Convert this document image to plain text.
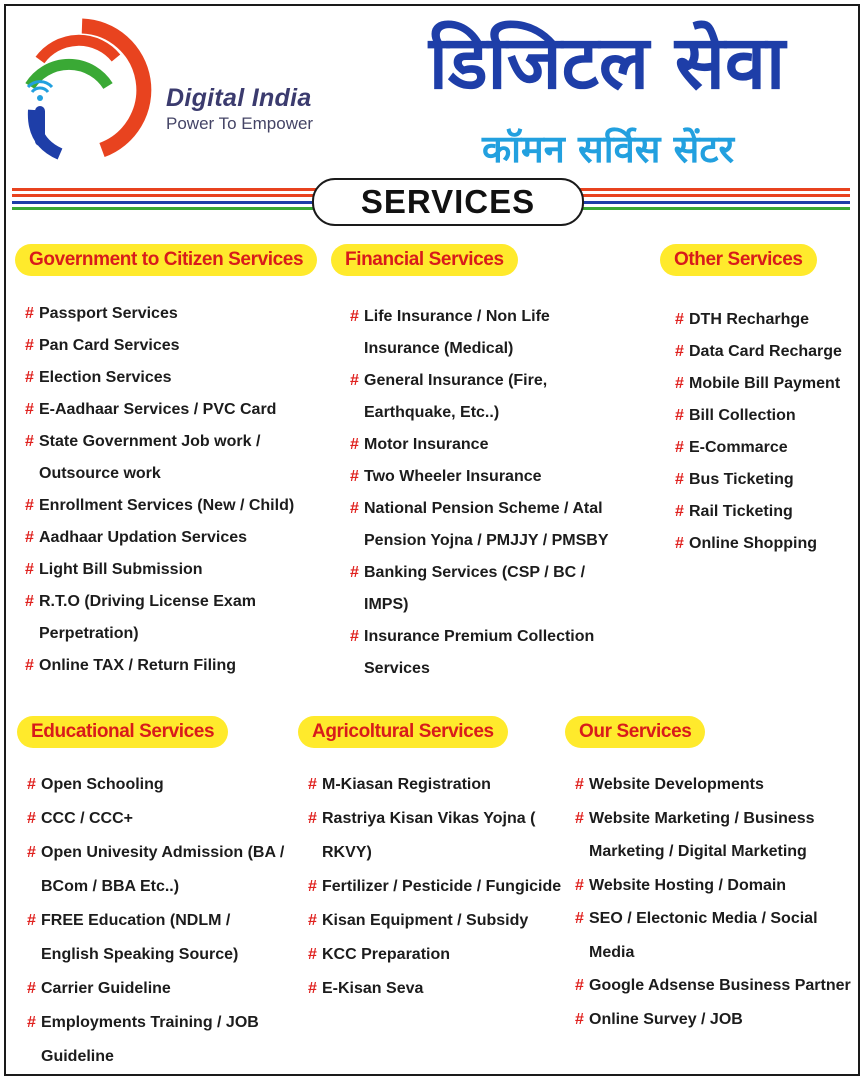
Digital India
Power To Empower
डिजिटल सेवा
कॉमन सर्विस सेंटर
SERVICES
Government to Citizen Services
# Passport Services
# Pan Card Services
# Election Services
# E-Aadhaar Services / PVC Card
# State Government Job work / Outsource work
# Enrollment Services (New / Child)
# Aadhaar Updation Services
# Light Bill Submission
# R.T.O (Driving License Exam Perpetration)
# Online TAX / Return Filing
Financial Services
# Life Insurance / Non Life Insurance (Medical)
# General Insurance (Fire, Earthquake, Etc..)
# Motor Insurance
# Two Wheeler Insurance
# National Pension Scheme / Atal Pension Yojna / PMJJY / PMSBY
# Banking Services (CSP / BC / IMPS)
# Insurance Premium Collection Services
Other Services
# DTH Recharhge
# Data Card Recharge
# Mobile Bill Payment
# Bill Collection
# E-Commarce
# Bus Ticketing
# Rail Ticketing
# Online Shopping
Educational Services
# Open Schooling
# CCC / CCC+
# Open Univesity Admission (BA / BCom / BBA Etc..)
# FREE Education (NDLM / English Speaking Source)
# Carrier Guideline
# Employments Training / JOB Guideline
Agricoltural Services
# M-Kiasan Registration
# Rastriya Kisan Vikas Yojna ( RKVY)
# Fertilizer / Pesticide / Fungicide
# Kisan Equipment / Subsidy
# KCC Preparation
# E-Kisan Seva
Our Services
# Website Developments
# Website Marketing / Business Marketing / Digital Marketing
# Website Hosting / Domain
# SEO / Electonic Media / Social Media
# Google Adsense Business Partner
# Online Survey / JOB
